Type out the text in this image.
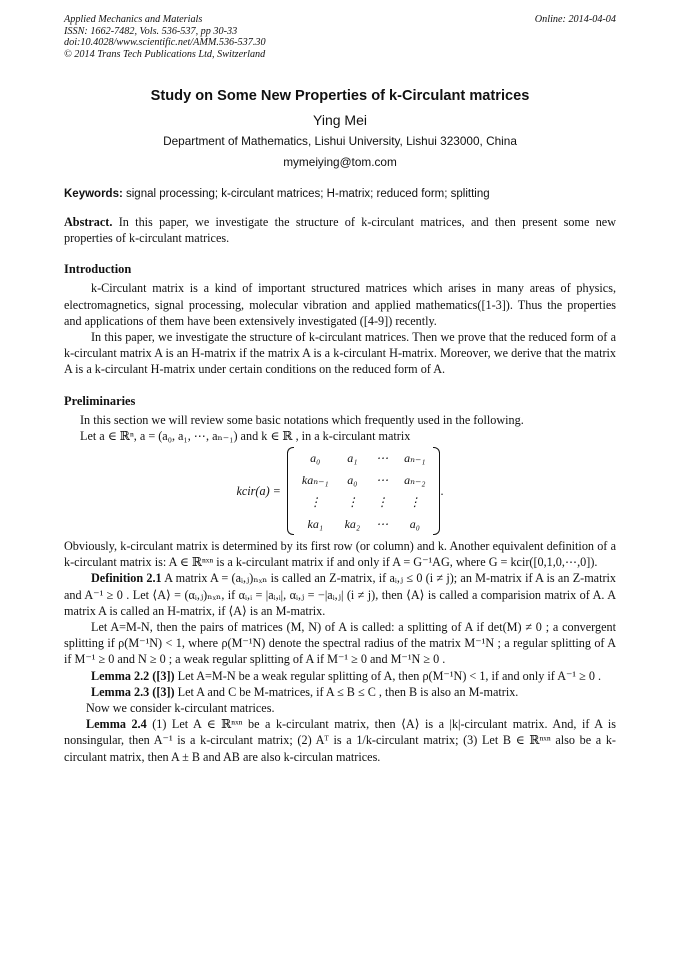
Applied Mechanics and Materials
ISSN: 1662-7482, Vols. 536-537, pp 30-33
doi:10.4028/www.scientific.net/AMM.536-537.30
© 2014 Trans Tech Publications Ltd, Switzerland
Online: 2014-04-04
Study on Some New Properties of k-Circulant matrices
Ying Mei
Department of Mathematics, Lishui University, Lishui 323000, China
mymeiying@tom.com
Keywords: signal processing; k-circulant matrices; H-matrix; reduced form; splitting

Abstract. In this paper, we investigate the structure of k-circulant matrices, and then present some new properties of k-circulant matrices.

Introduction

k-Circulant matrix is a kind of important structured matrices which arises in many areas of physics, electromagnetics, signal processing, molecular vibration and applied mathematics([1-3]). Thus the properties and applications of them have been extensively investigated ([4-9]) recently.

In this paper, we investigate the structure of k-circulant matrices. Then we prove that the reduced form of a k-circulant matrix A is an H-matrix if the matrix A is a k-circulant H-matrix. Moreover, we derive that the matrix A is a k-circulant H-matrix under certain conditions on the reduced form of A.

Preliminaries

In this section we will review some basic notations which frequently used in the following.

Let a ∈ ℝⁿ, a = (a₀, a₁, ⋯, aₙ₋₁) and k ∈ ℝ , in a k-circulant matrix

kcir(a) =
a₀	a₁	⋯	aₙ₋₁
kaₙ₋₁	a₀	⋯	aₙ₋₂
⋮	⋮	⋮	⋮
ka₁	ka₂	⋯	a₀
.

Obviously, k-circulant matrix is determined by its first row (or column) and k. Another equivalent definition of a k-circulant matrix is: A ∈ ℝⁿˣⁿ is a k-circulant matrix if and only if A = G⁻¹AG, where G = kcir([0,1,0,⋯,0]).

Definition 2.1 A matrix A = (aᵢ,ⱼ)ₙₓₙ is called an Z-matrix, if aᵢ,ⱼ ≤ 0 (i ≠ j); an M-matrix if A is an Z-matrix and A⁻¹ ≥ 0 . Let ⟨A⟩ = (αᵢ,ⱼ)ₙₓₙ, if αᵢ,ᵢ = |aᵢ,ᵢ|, αᵢ,ⱼ = −|aᵢ,ⱼ| (i ≠ j), then ⟨A⟩ is called a comparision matrix of A. A matrix A is called an H-matrix, if ⟨A⟩ is an M-matrix.

Let A=M-N, then the pairs of matrices (M, N) of A is called: a splitting of A if det(M) ≠ 0 ; a convergent splitting if ρ(M⁻¹N) < 1, where ρ(M⁻¹N) denote the spectral radius of the matrix M⁻¹N ; a regular splitting of A if M⁻¹ ≥ 0 and N ≥ 0 ; a weak regular splitting of A if M⁻¹ ≥ 0 and M⁻¹N ≥ 0 .

Lemma 2.2 ([3]) Let A=M-N be a weak regular splitting of A, then ρ(M⁻¹N) < 1, if and only if A⁻¹ ≥ 0 .

Lemma 2.3 ([3]) Let A and C be M-matrices, if A ≤ B ≤ C , then B is also an M-matrix.

Now we consider k-circulant matrices.

Lemma 2.4 (1) Let A ∈ ℝⁿˣⁿ be a k-circulant matrix, then ⟨A⟩ is a |k|-circulant matrix. And, if A is nonsingular, then A⁻¹ is a k-circulant matrix; (2) Aᵀ is a 1/k-circulant matrix; (3) Let B ∈ ℝⁿˣⁿ also be a k-circulant matrix, then A ± B and AB are also k-circulan matrices.
